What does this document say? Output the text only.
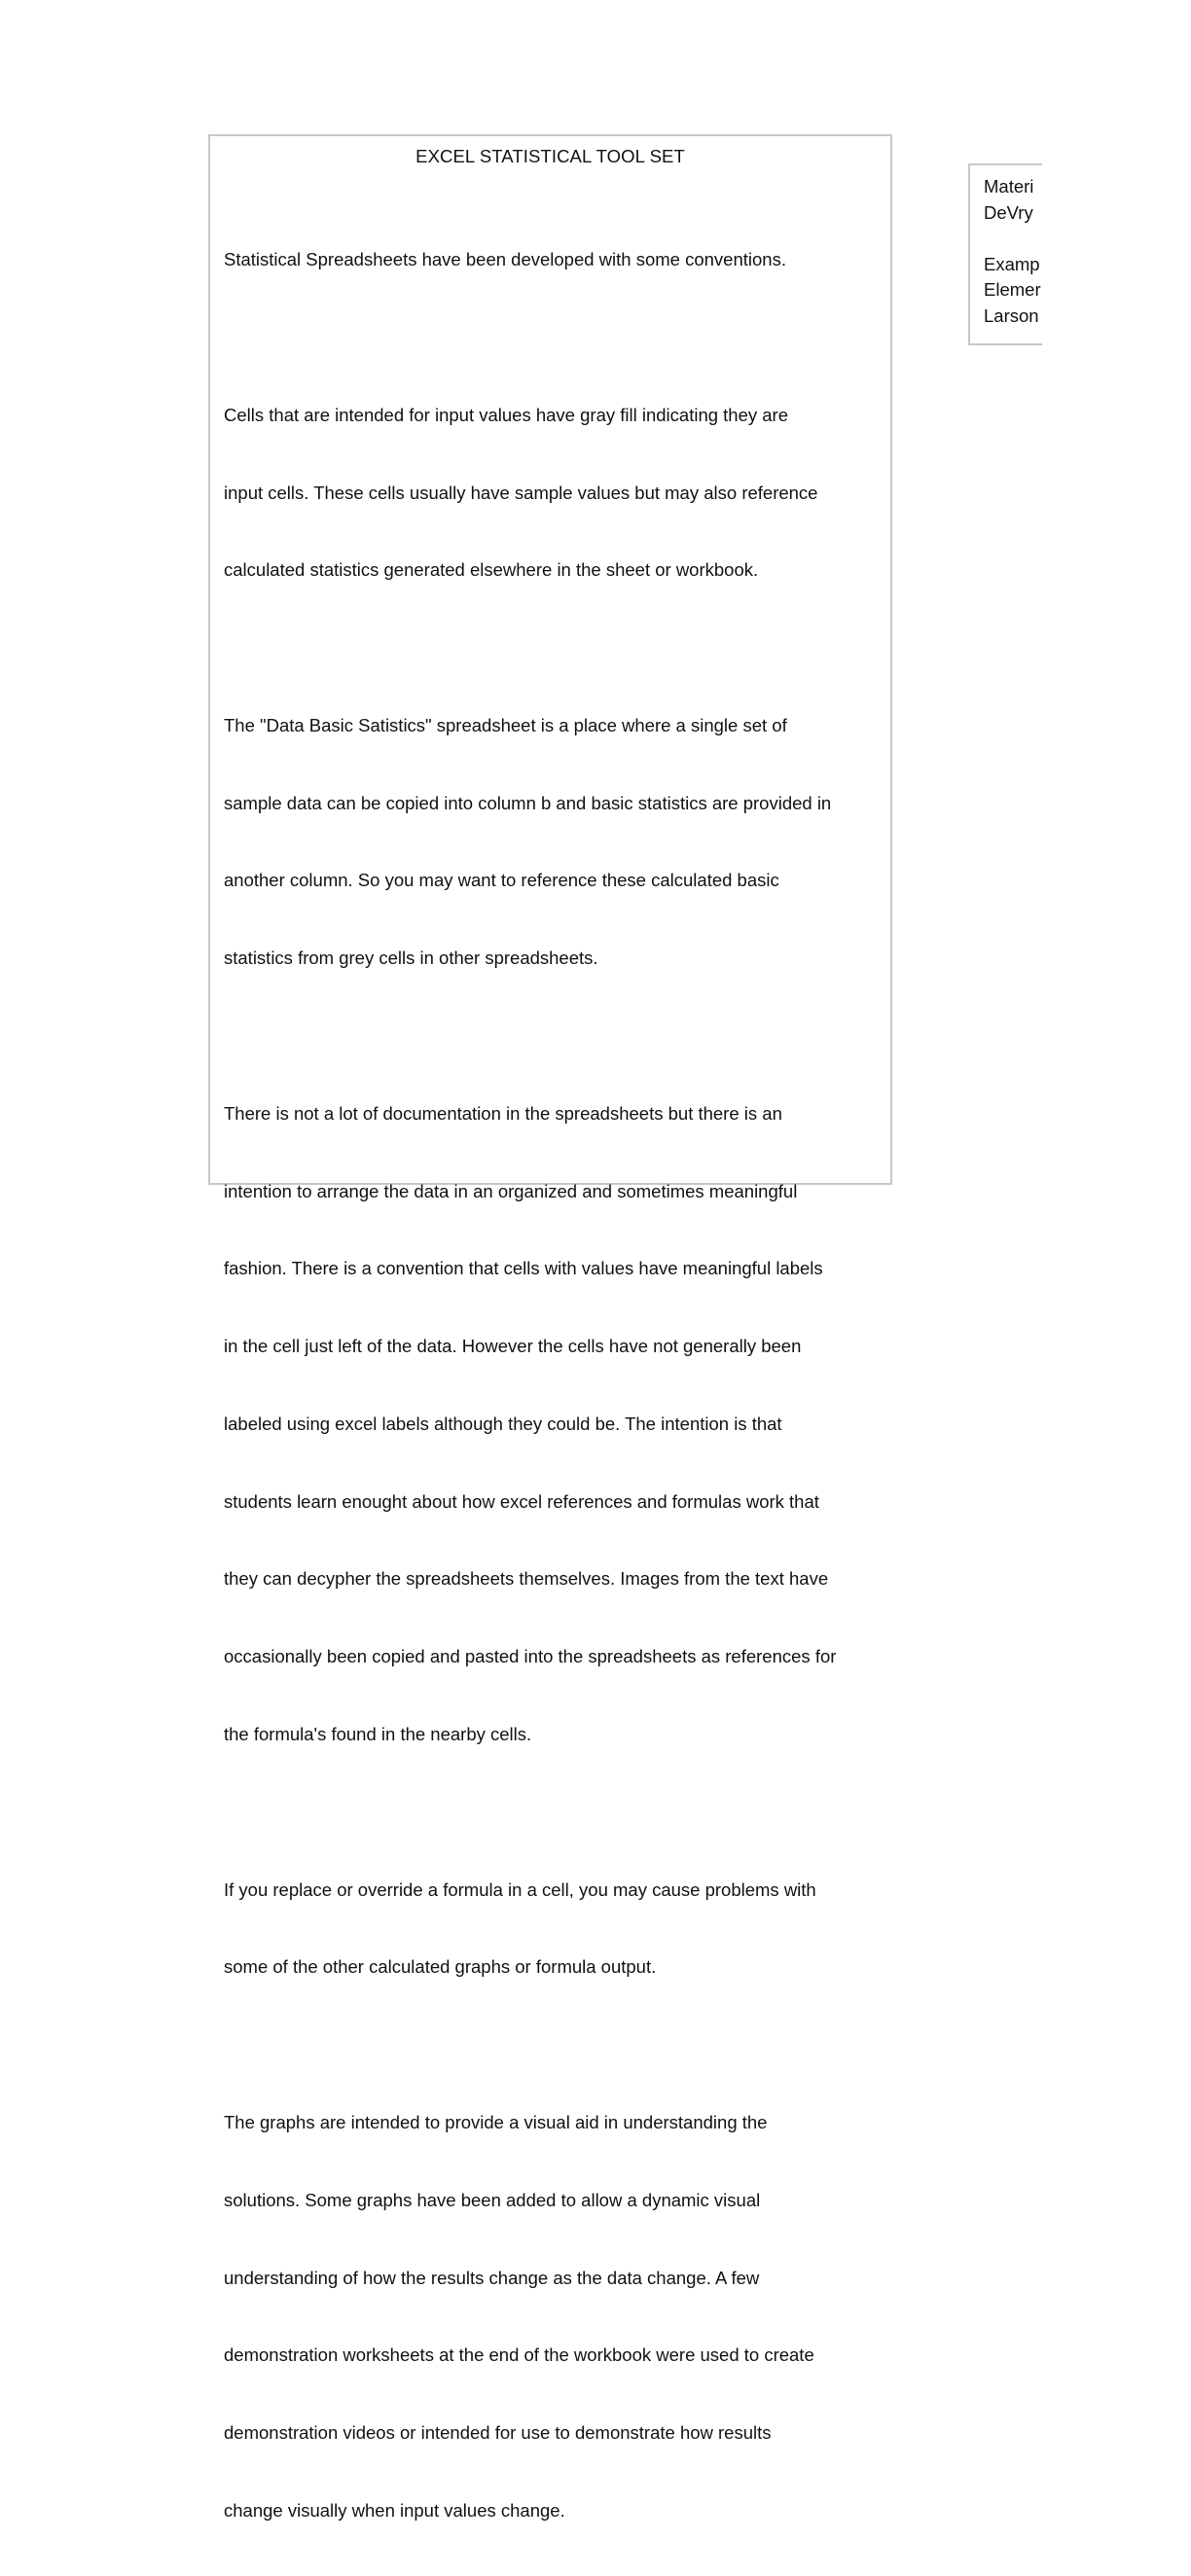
EXCEL STATISTICAL TOOL SET

Statistical Spreadsheets have been developed with some conventions.

Cells that are intended for input values have gray fill indicating they are

input cells. These cells usually have sample values but may also reference

calculated statistics generated elsewhere in the sheet or workbook.

The "Data Basic Satistics" spreadsheet is a place where a single set of

sample data can be copied into column b and basic statistics are provided in

another column. So you may want to reference these calculated basic

statistics from grey cells in other spreadsheets.

There is not a lot of documentation in the spreadsheets but there is an

intention to arrange the data in an organized and sometimes meaningful

fashion. There is a convention that cells with values have meaningful labels

in the cell just left of the data. However the cells have not generally been

labeled using excel labels although they could be. The intention is that

students learn enought about how excel references and formulas work that

they can decypher the spreadsheets themselves. Images from the text have

occasionally been copied and pasted into the spreadsheets as references for

the formula's found in the nearby cells.

If you replace or override a formula in a cell, you may cause problems with

some of the other calculated graphs or formula output.

The graphs are intended to provide a visual aid in understanding the

solutions. Some graphs have been added to allow a dynamic visual

understanding of how the results change as the data change. A few

demonstration worksheets at the end of the workbook were used to create

demonstration videos or intended for use to demonstrate how results

change visually when input values change.

Materi
DeVry
Examp
Elemer
Larson
